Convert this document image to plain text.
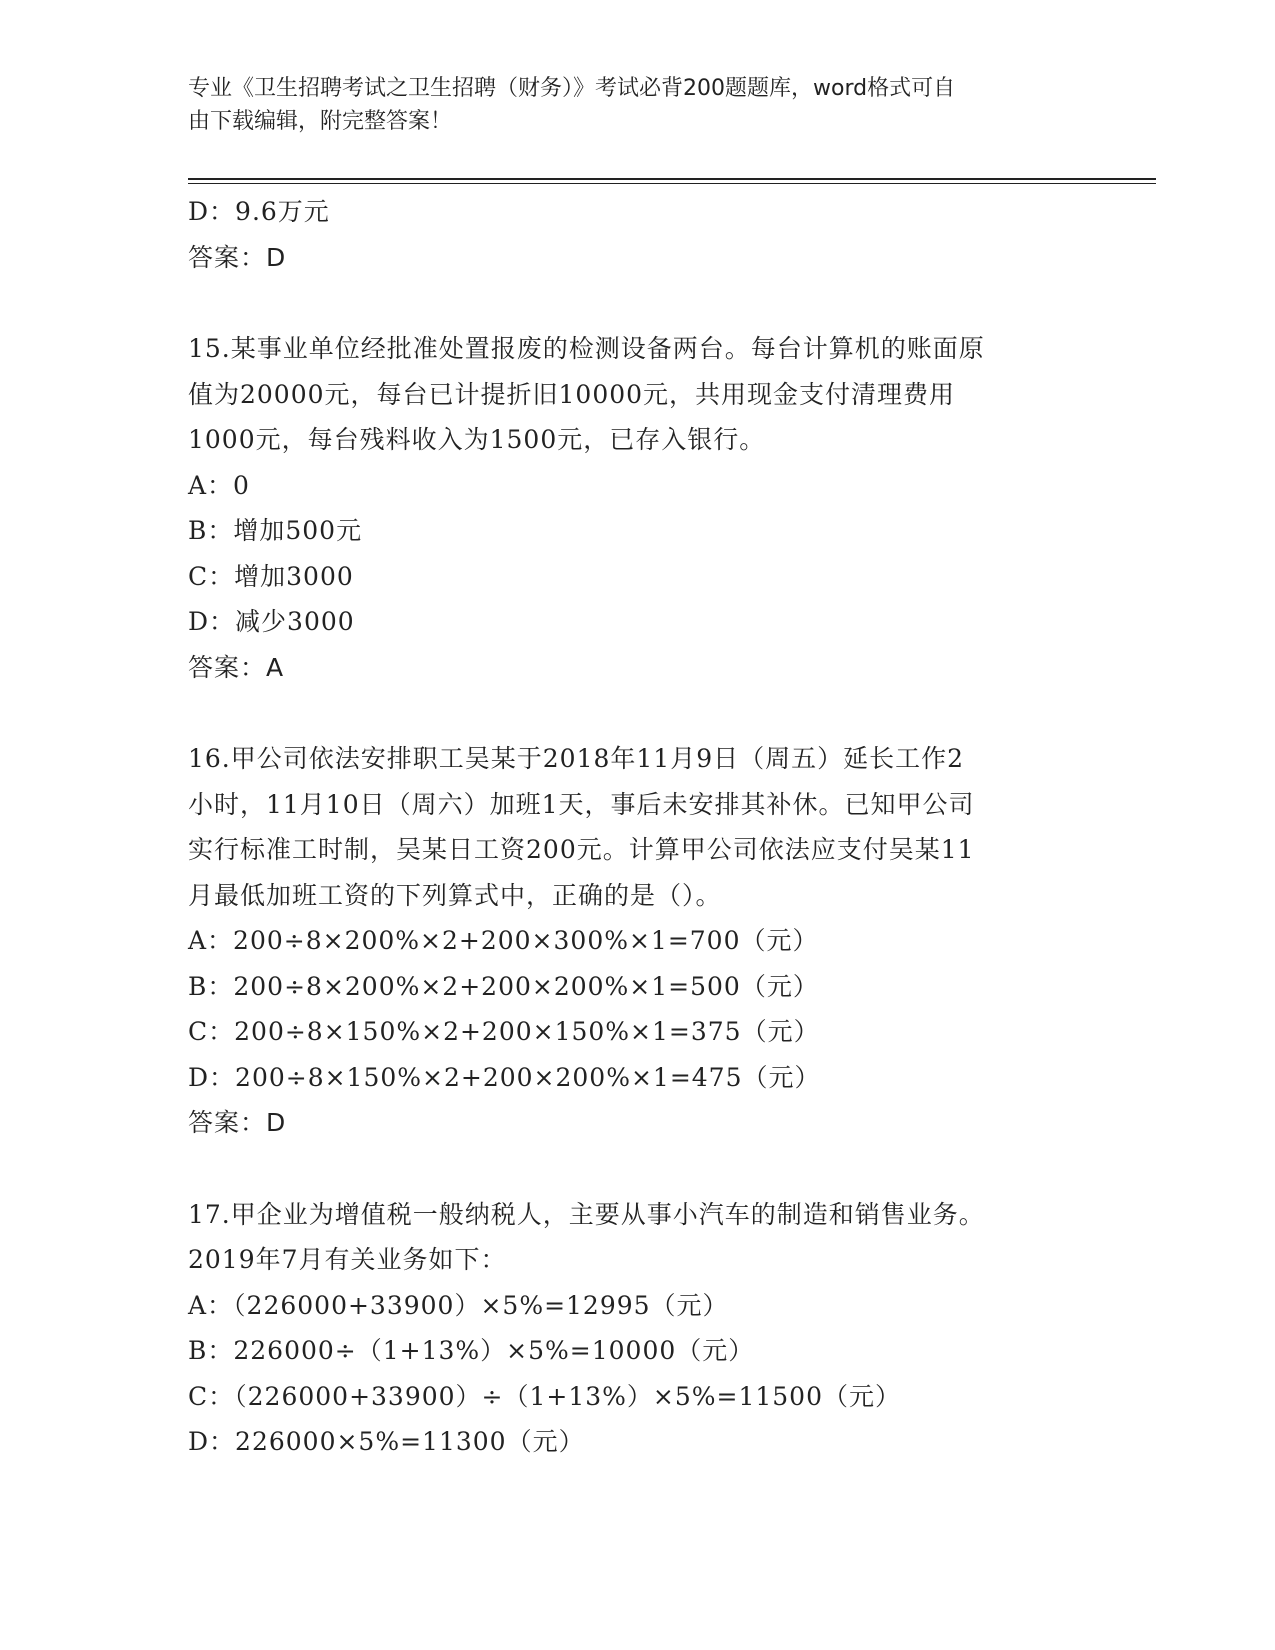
专业《卫生招聘考试之卫生招聘（财务）》考试必背200题题库，word格式可自
由下载编辑，附完整答案！
D：9.6万元
答案：D
15.某事业单位经批准处置报废的检测设备两台。每台计算机的账面原
值为20000元，每台已计提折旧10000元，共用现金支付清理费用
1000元，每台残料收入为1500元，已存入银行。
A：0
B：增加500元
C：增加3000
D：减少3000
答案：A
16.甲公司依法安排职工吴某于2018年11月9日（周五）延长工作2
小时，11月10日（周六）加班1天，事后未安排其补休。已知甲公司
实行标准工时制，吴某日工资200元。计算甲公司依法应支付吴某11
月最低加班工资的下列算式中，正确的是（）。
A：200÷8×200%×2+200×300%×1=700（元）
B：200÷8×200%×2+200×200%×1=500（元）
C：200÷8×150%×2+200×150%×1=375（元）
D：200÷8×150%×2+200×200%×1=475（元）
答案：D
17.甲企业为增值税一般纳税人，主要从事小汽车的制造和销售业务。
2019年7月有关业务如下：
A：（226000+33900）×5%=12995（元）
B：226000÷（1+13%）×5%=10000（元）
C：（226000+33900）÷（1+13%）×5%=11500（元）
D：226000×5%=11300（元）
